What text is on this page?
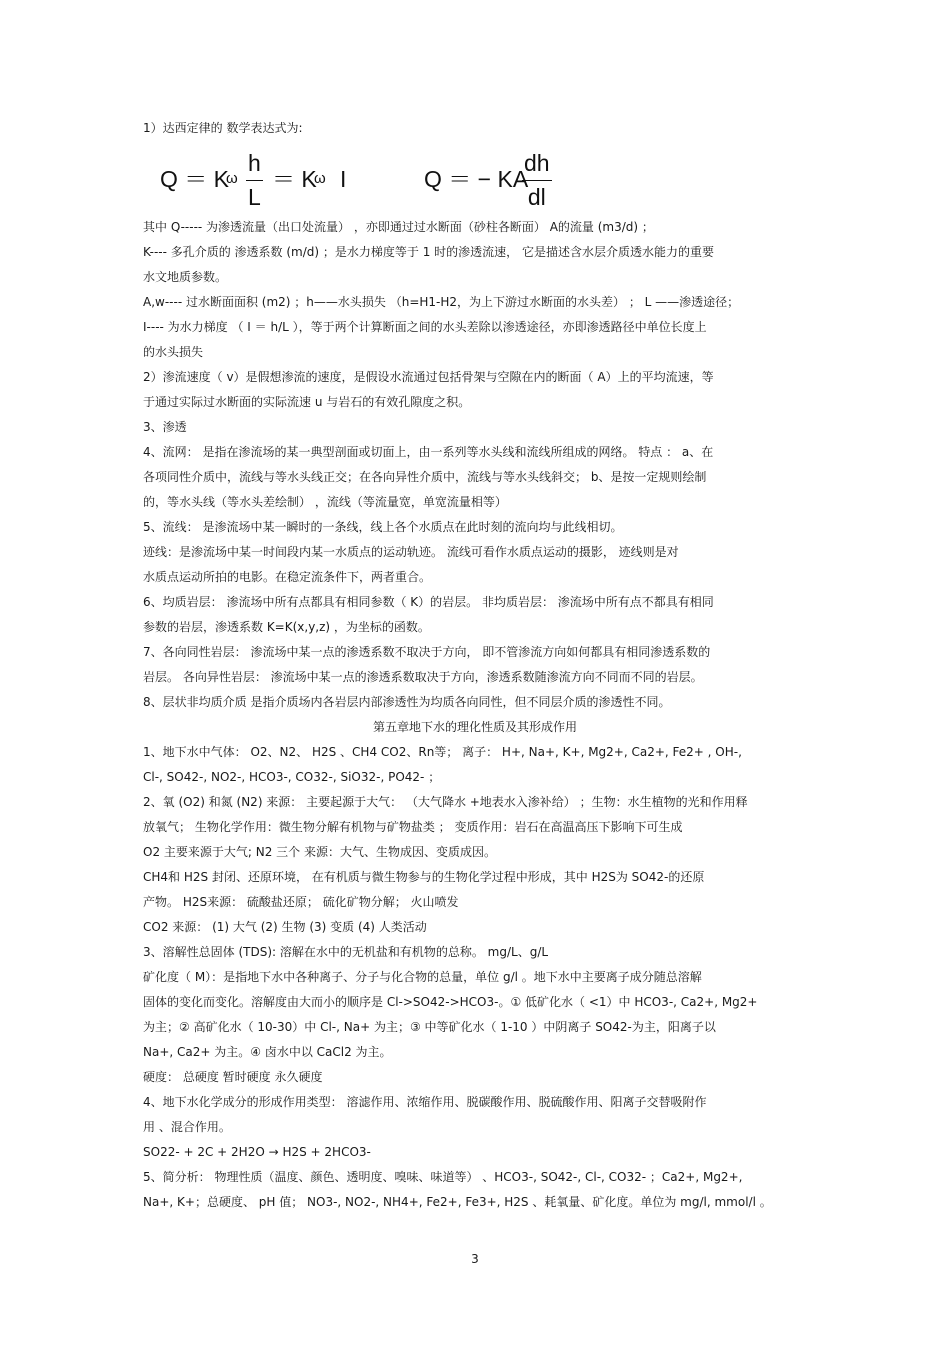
1）达西定律的 数学表达式为:
Q ＝ K
ω
h
L
＝ K
ω I	Q ＝ − KA
dh
dl
其中 Q----- 为渗透流量（出口处流量） ，亦即通过过水断面（砂柱各断面） A的流量 (m3/d) ；
K---- 多孔介质的 渗透系数 (m/d) ；是水力梯度等于 1 时的渗透流速， 它是描述含水层介质透水能力的重要
水文地质参数。
A,w---- 过水断面面积 (m2) ；h——水头损失 （h=H1-H2，为上下游过水断面的水头差） ； L ——渗透途径；
I---- 为水力梯度 （ I ＝ h/L ），等于两个计算断面之间的水头差除以渗透途径，亦即渗透路径中单位长度上
的水头损失
2）渗流速度（ v）是假想渗流的速度，是假设水流通过包括骨架与空隙在内的断面（ A）上的平均流速，等
于通过实际过水断面的实际流速 u 与岩石的有效孔隙度之积。
3、渗透
4、流网： 是指在渗流场的某一典型剖面或切面上，由一系列等水头线和流线所组成的网络。 特点 ： a、在
各项同性介质中，流线与等水头线正交；在各向异性介质中，流线与等水头线斜交； b、是按一定规则绘制
的，等水头线（等水头差绘制） ，流线（等流量宽，单宽流量相等）
5、流线： 是渗流场中某一瞬时的一条线，线上各个水质点在此时刻的流向均与此线相切。
迹线：是渗流场中某一时间段内某一水质点的运动轨迹。 流线可看作水质点运动的摄影， 迹线则是对
水质点运动所拍的电影。在稳定流条件下，两者重合。
6、均质岩层： 渗流场中所有点都具有相同参数（ K）的岩层。 非均质岩层： 渗流场中所有点不都具有相同
参数的岩层，渗透系数 K=K(x,y,z) ，为坐标的函数。
7、各向同性岩层： 渗流场中某一点的渗透系数不取决于方向， 即不管渗流方向如何都具有相同渗透系数的
岩层。 各向异性岩层： 渗流场中某一点的渗透系数取决于方向，渗透系数随渗流方向不同而不同的岩层。
8、层状非均质介质 是指介质场内各岩层内部渗透性为均质各向同性，但不同层介质的渗透性不同。
第五章地下水的理化性质及其形成作用
1、地下水中气体： O2、N2、 H2S 、CH4 CO2、Rn等； 离子： H+, Na+, K+, Mg2+, Ca2+, Fe2+ , OH-,
Cl-, SO42-, NO2-, HCO3-, CO32-, SiO32-, PO42- ；
2、氧 (O2) 和氮 (N2) 来源： 主要起源于大气： （大气降水 +地表水入渗补给） ；生物：水生植物的光和作用释
放氧气； 生物化学作用：微生物分解有机物与矿物盐类 ； 变质作用：岩石在高温高压下影响下可生成
O2 主要来源于大气; N2 三个 来源：大气、生物成因、变质成因。
CH4和 H2S 封闭、还原环境， 在有机质与微生物参与的生物化学过程中形成，其中 H2S为 SO42-的还原
产物。 H2S来源： 硫酸盐还原； 硫化矿物分解； 火山喷发
CO2 来源： (1) 大气 (2) 生物 (3) 变质 (4) 人类活动
3、溶解性总固体 (TDS): 溶解在水中的无机盐和有机物的总称。 mg/L、g/L
矿化度（ M）：是指地下水中各种离子、分子与化合物的总量，单位 g/l 。地下水中主要离子成分随总溶解
固体的变化而变化。溶解度由大而小的顺序是 Cl->SO42->HCO3-。① 低矿化水（ <1）中 HCO3-, Ca2+, Mg2+
为主；② 高矿化水（ 10-30）中 Cl-, Na+ 为主；③ 中等矿化水（ 1-10 ）中阴离子 SO42-为主，阳离子以
Na+, Ca2+ 为主。④ 卤水中以 CaCl2 为主。
硬度： 总硬度 暂时硬度 永久硬度
4、地下水化学成分的形成作用类型： 溶滤作用、浓缩作用、脱碳酸作用、脱硫酸作用、阳离子交替吸附作
用 、混合作用。
SO22- + 2C + 2H2O → H2S + 2HCO3-
5、简分析： 物理性质（温度、颜色、透明度、嗅味、味道等） 、HCO3-, SO42-, Cl-, CO32- ；Ca2+, Mg2+,
Na+, K+；总硬度、 pH 值； NO3-, NO2-, NH4+, Fe2+, Fe3+, H2S 、耗氧量、矿化度。单位为 mg/l, mmol/l 。
3
